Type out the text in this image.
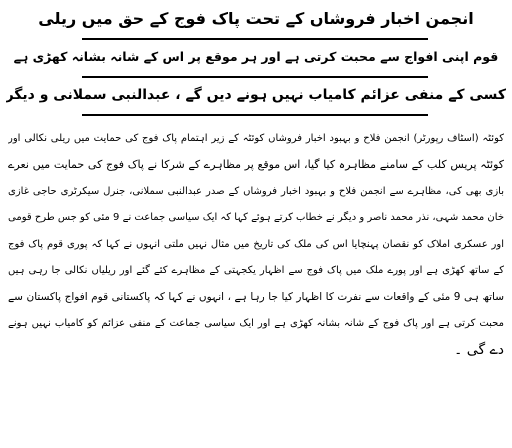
انجمن اخبار فروشاں کے تحت پاک فوج کے حق میں ریلی
قوم اپنی افواج سے محبت کرتی ہے اور ہر موقع پر اس کے شانہ بشانہ کھڑی ہے
کسی کے منفی عزائم کامیاب نہیں ہونے دیں گے ، عبدالنبی سملانی و دیگر
کوئٹہ (اسٹاف رپورٹر) انجمن فلاح و بہبود اخبار فروشاں کوئٹہ کے زیر اہتمام پاک فوج کی حمایت میں ریلی نکالی اور
کوئٹہ پریس کلب کے سامنے مظاہرہ کیا گیا، اس موقع پر مظاہرے کے شرکا نے پاک فوج کی حمایت میں نعرے
بازی بھی کی، مظاہرے سے انجمن فلاح و بہبود اخبار فروشاں کے صدر عبدالنبی سملانی، جنرل سیکرٹری حاجی غازی
خان محمد شہی، نذر محمد ناصر و دیگر نے خطاب کرتے ہوئے کہا کہ ایک سیاسی جماعت نے 9 مئی کو جس طرح قومی
اور عسکری املاک کو نقصان پہنچایا اس کی ملک کی تاریخ میں مثال نہیں ملتی انہوں نے کہا کہ پوری قوم پاک فوج
کے ساتھ کھڑی ہے اور پورے ملک میں پاک فوج سے اظہار یکجہتی کے مظاہرے کئے گئے اور ریلیاں نکالی جا رہی ہیں
ساتھ ہی 9 مئی کے واقعات سے نفرت کا اظہار کیا جا رہا ہے ، انہوں نے کہا کہ پاکستانی قوم افواج پاکستان سے
محبت کرتی ہے اور پاک فوج کے شانہ بشانہ کھڑی ہے اور ایک سیاسی جماعت کے منفی عزائم کو کامیاب نہیں ہونے
دے گی ۔
